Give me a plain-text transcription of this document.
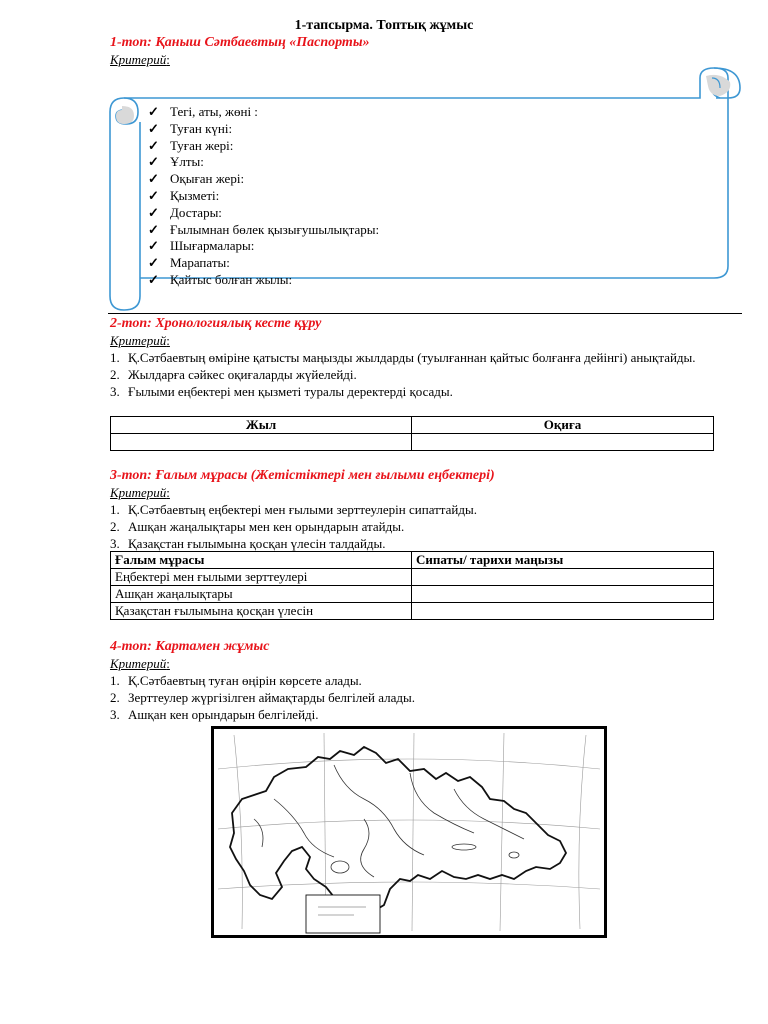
1-тапсырма. Топтық жұмыс
1-топ: Қаныш Сәтбаевтың «Паспорты»
Критерий:
✓ Тегі, аты, жөні :
✓ Туған күні:
✓ Туған жері:
✓ Ұлты:
✓ Оқыған жері:
✓ Қызметі:
✓ Достары:
✓ Ғылымнан бөлек қызығушылықтары:
✓ Шығармалары:
✓ Марапаты:
✓ Қайтыс болған жылы:
2-топ: Хронологиялық кесте құру
Критерий:
1. Қ.Сәтбаевтың өміріне қатысты маңызды жылдарды (туылғаннан қайтыс болғанға дейінгі) анықтайды.
2. Жылдарға сәйкес оқиғаларды жүйелейді.
3. Ғылыми еңбектері мен қызметі туралы деректерді қосады.
Жыл	Оқиға

3-топ: Ғалым мұрасы (Жетістіктері мен ғылыми еңбектері)
Критерий:
1. Қ.Сәтбаевтың еңбектері мен ғылыми зерттеулерін сипаттайды.
2. Ашқан жаңалықтары мен кен орындарын атайды.
3. Қазақстан ғылымына қосқан үлесін талдайды.
Ғалым мұрасы	Сипаты/ тарихи маңызы
Еңбектері мен ғылыми зерттеулері	
Ашқан жаңалықтары	
Қазақстан ғылымына қосқан үлесін	
4-топ: Картамен жұмыс
Критерий:
1. Қ.Сәтбаевтың туған өңірін көрсете алады.
2. Зерттеулер жүргізілген аймақтарды белгілей алады.
3. Ашқан кен орындарын белгілейді.
